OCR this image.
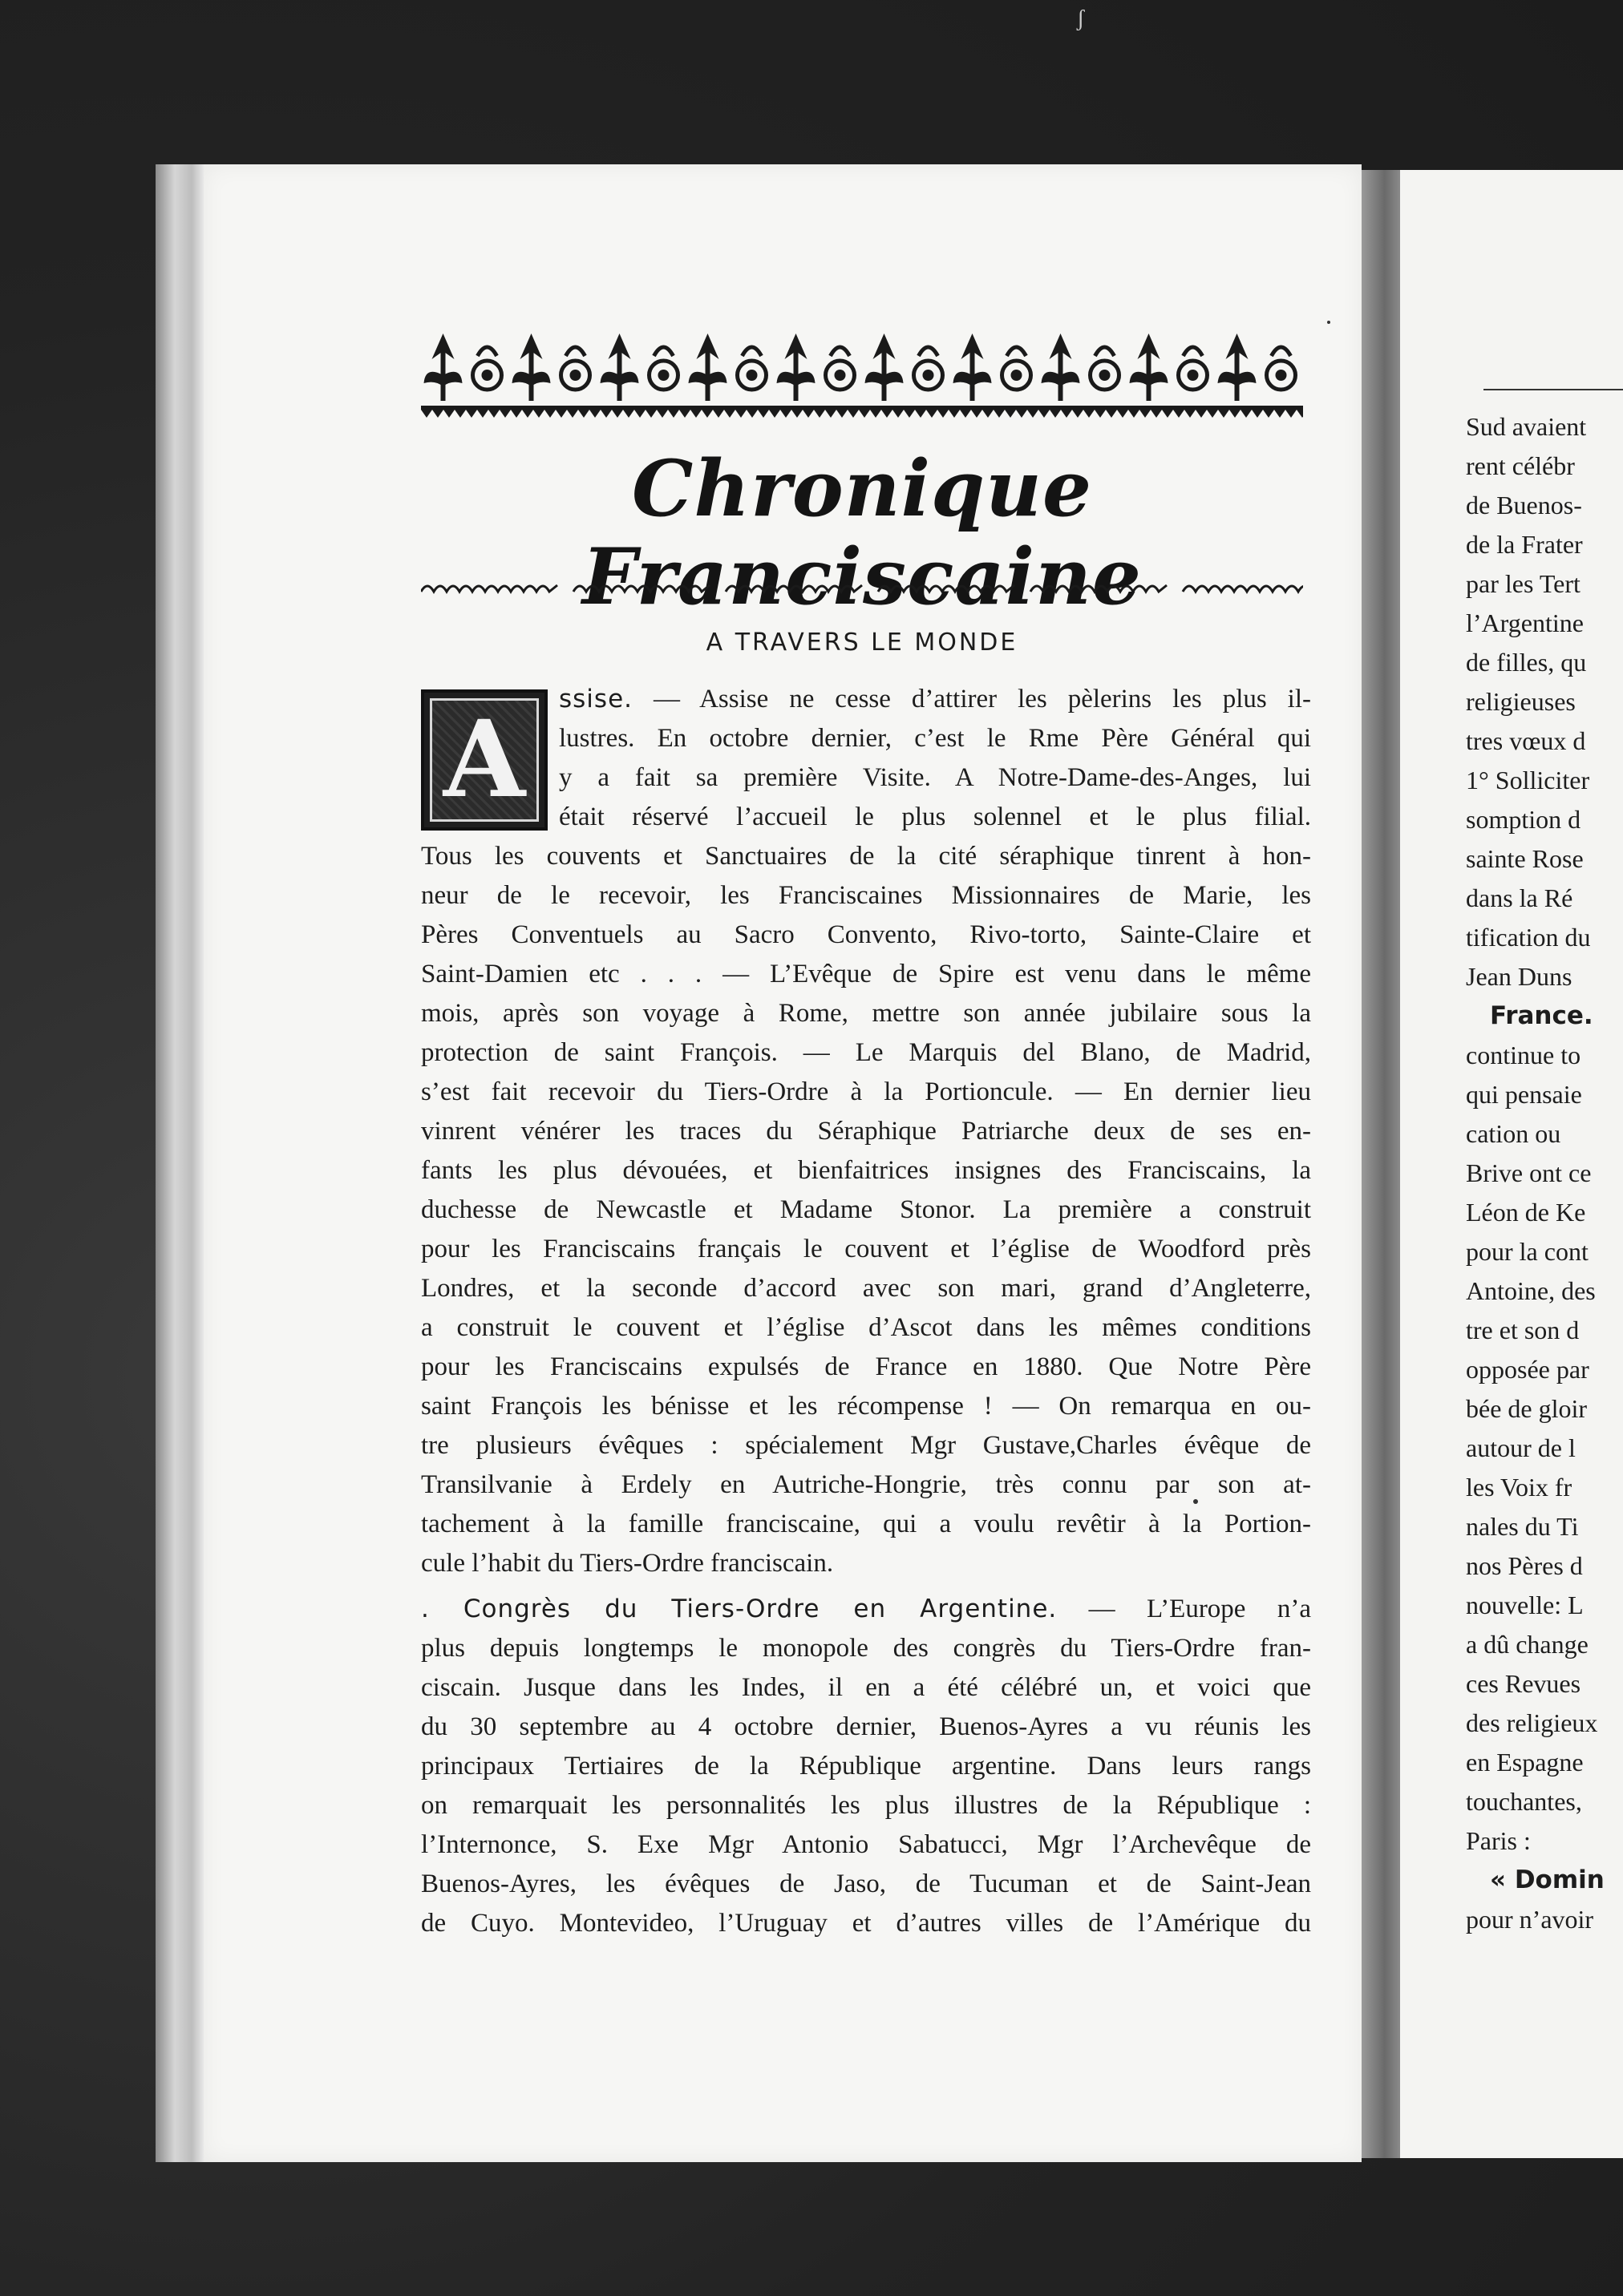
Chronique Franciscaine
A TRAVERS LE MONDE
A ssise. — Assise ne cesse d’attirer les pèlerins les plus il-
lustres. En octobre dernier, c’est le Rme Père Général qui
y a fait sa première Visite. A Notre-Dame-des-Anges, lui
était réservé l’accueil le plus solennel et le plus filial.
Tous les couvents et Sanctuaires de la cité séraphique tinrent à hon-
neur de le recevoir, les Franciscaines Missionnaires de Marie, les
Pères Conventuels au Sacro Convento, Rivo-torto, Sainte-Claire et
Saint-Damien etc . . . — L’Evêque de Spire est venu dans le même
mois, après son voyage à Rome, mettre son année jubilaire sous la
protection de saint François. — Le Marquis del Blano, de Madrid,
s’est fait recevoir du Tiers-Ordre à la Portioncule. — En dernier lieu
vinrent vénérer les traces du Séraphique Patriarche deux de ses en-
fants les plus dévouées, et bienfaitrices insignes des Franciscains, la
duchesse de Newcastle et Madame Stonor. La première a construit
pour les Franciscains français le couvent et l’église de Woodford près
Londres, et la seconde d’accord avec son mari, grand d’Angleterre,
a construit le couvent et l’église d’Ascot dans les mêmes conditions
pour les Franciscains expulsés de France en 1880. Que Notre Père
saint François les bénisse et les récompense ! — On remarqua en ou-
tre plusieurs évêques : spécialement Mgr Gustave,Charles évêque de
Transilvanie à Erdely en Autriche-Hongrie, très connu par son at-
tachement à la famille franciscaine, qui a voulu revêtir à la Portion-
cule l’habit du Tiers-Ordre franciscain.
. Congrès du Tiers-Ordre en Argentine. — L’Europe n’a
plus depuis longtemps le monopole des congrès du Tiers-Ordre fran-
ciscain. Jusque dans les Indes, il en a été célébré un, et voici que
du 30 septembre au 4 octobre dernier, Buenos-Ayres a vu réunis les
principaux Tertiaires de la République argentine. Dans leurs rangs
on remarquait les personnalités les plus illustres de la République :
l’Internonce, S. Exe Mgr Antonio Sabatucci, Mgr l’Archevêque de
Buenos-Ayres, les évêques de Jaso, de Tucuman et de Saint-Jean
de Cuyo. Montevideo, l’Uruguay et d’autres villes de l’Amérique du
Sud avaient
rent célébr
de Buenos-
de la Frater
par les Tert
l’Argentine
de filles, qu
religieuses
tres vœux d
1° Solliciter
somption d
sainte Rose
dans la Ré
tification du
Jean Duns
France.
continue to
qui pensaie
cation ou
Brive ont ce
Léon de Ke
pour la cont
Antoine, des
tre et son d
opposée par
bée de gloir
autour de l
les Voix fr
nales du Ti
nos Pères d
nouvelle: L
a dû change
ces Revues
des religieux
en Espagne
touchantes,
Paris :
« Domin
pour n’avoir
ʃ
